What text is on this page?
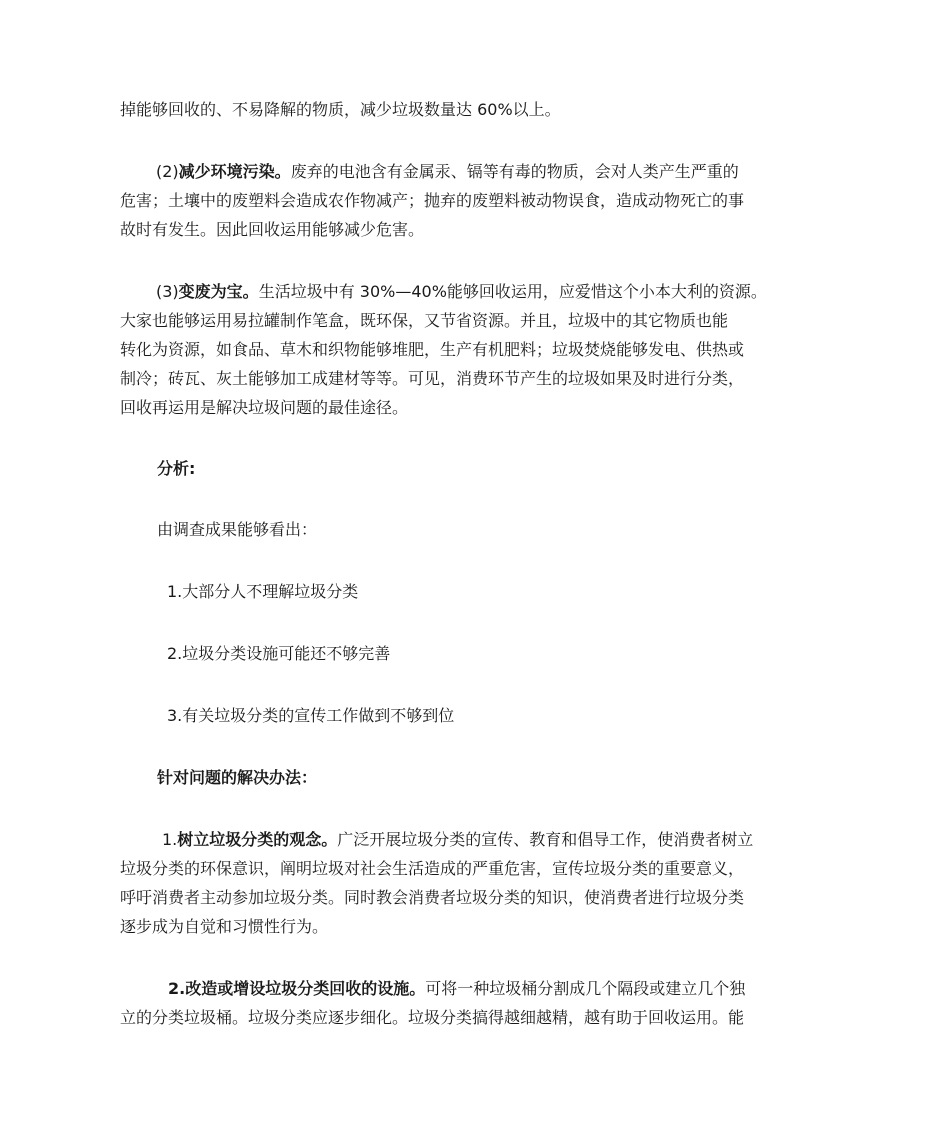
掉能够回收的、不易降解的物质，减少垃圾数量达 60%以上。

(2)减少环境污染。废弃的电池含有金属汞、镉等有毒的物质，会对人类产生严重的
危害；土壤中的废塑料会造成农作物减产；抛弃的废塑料被动物误食，造成动物死亡的事
故时有发生。因此回收运用能够减少危害。

(3)变废为宝。生活垃圾中有 30%—40%能够回收运用，应爱惜这个小本大利的资源。
大家也能够运用易拉罐制作笔盒，既环保，又节省资源。并且，垃圾中的其它物质也能
转化为资源，如食品、草木和织物能够堆肥，生产有机肥料；垃圾焚烧能够发电、供热或
制冷；砖瓦、灰土能够加工成建材等等。可见，消费环节产生的垃圾如果及时进行分类，
回收再运用是解决垃圾问题的最佳途径。

分析:

由调查成果能够看出：

1.大部分人不理解垃圾分类

2.垃圾分类设施可能还不够完善

3.有关垃圾分类的宣传工作做到不够到位

针对问题的解决办法：

1.树立垃圾分类的观念。广泛开展垃圾分类的宣传、教育和倡导工作，使消费者树立
垃圾分类的环保意识，阐明垃圾对社会生活造成的严重危害，宣传垃圾分类的重要意义，
呼吁消费者主动参加垃圾分类。同时教会消费者垃圾分类的知识，使消费者进行垃圾分类
逐步成为自觉和习惯性行为。

2.改造或增设垃圾分类回收的设施。可将一种垃圾桶分割成几个隔段或建立几个独
立的分类垃圾桶。垃圾分类应逐步细化。垃圾分类搞得越细越精，越有助于回收运用。能
